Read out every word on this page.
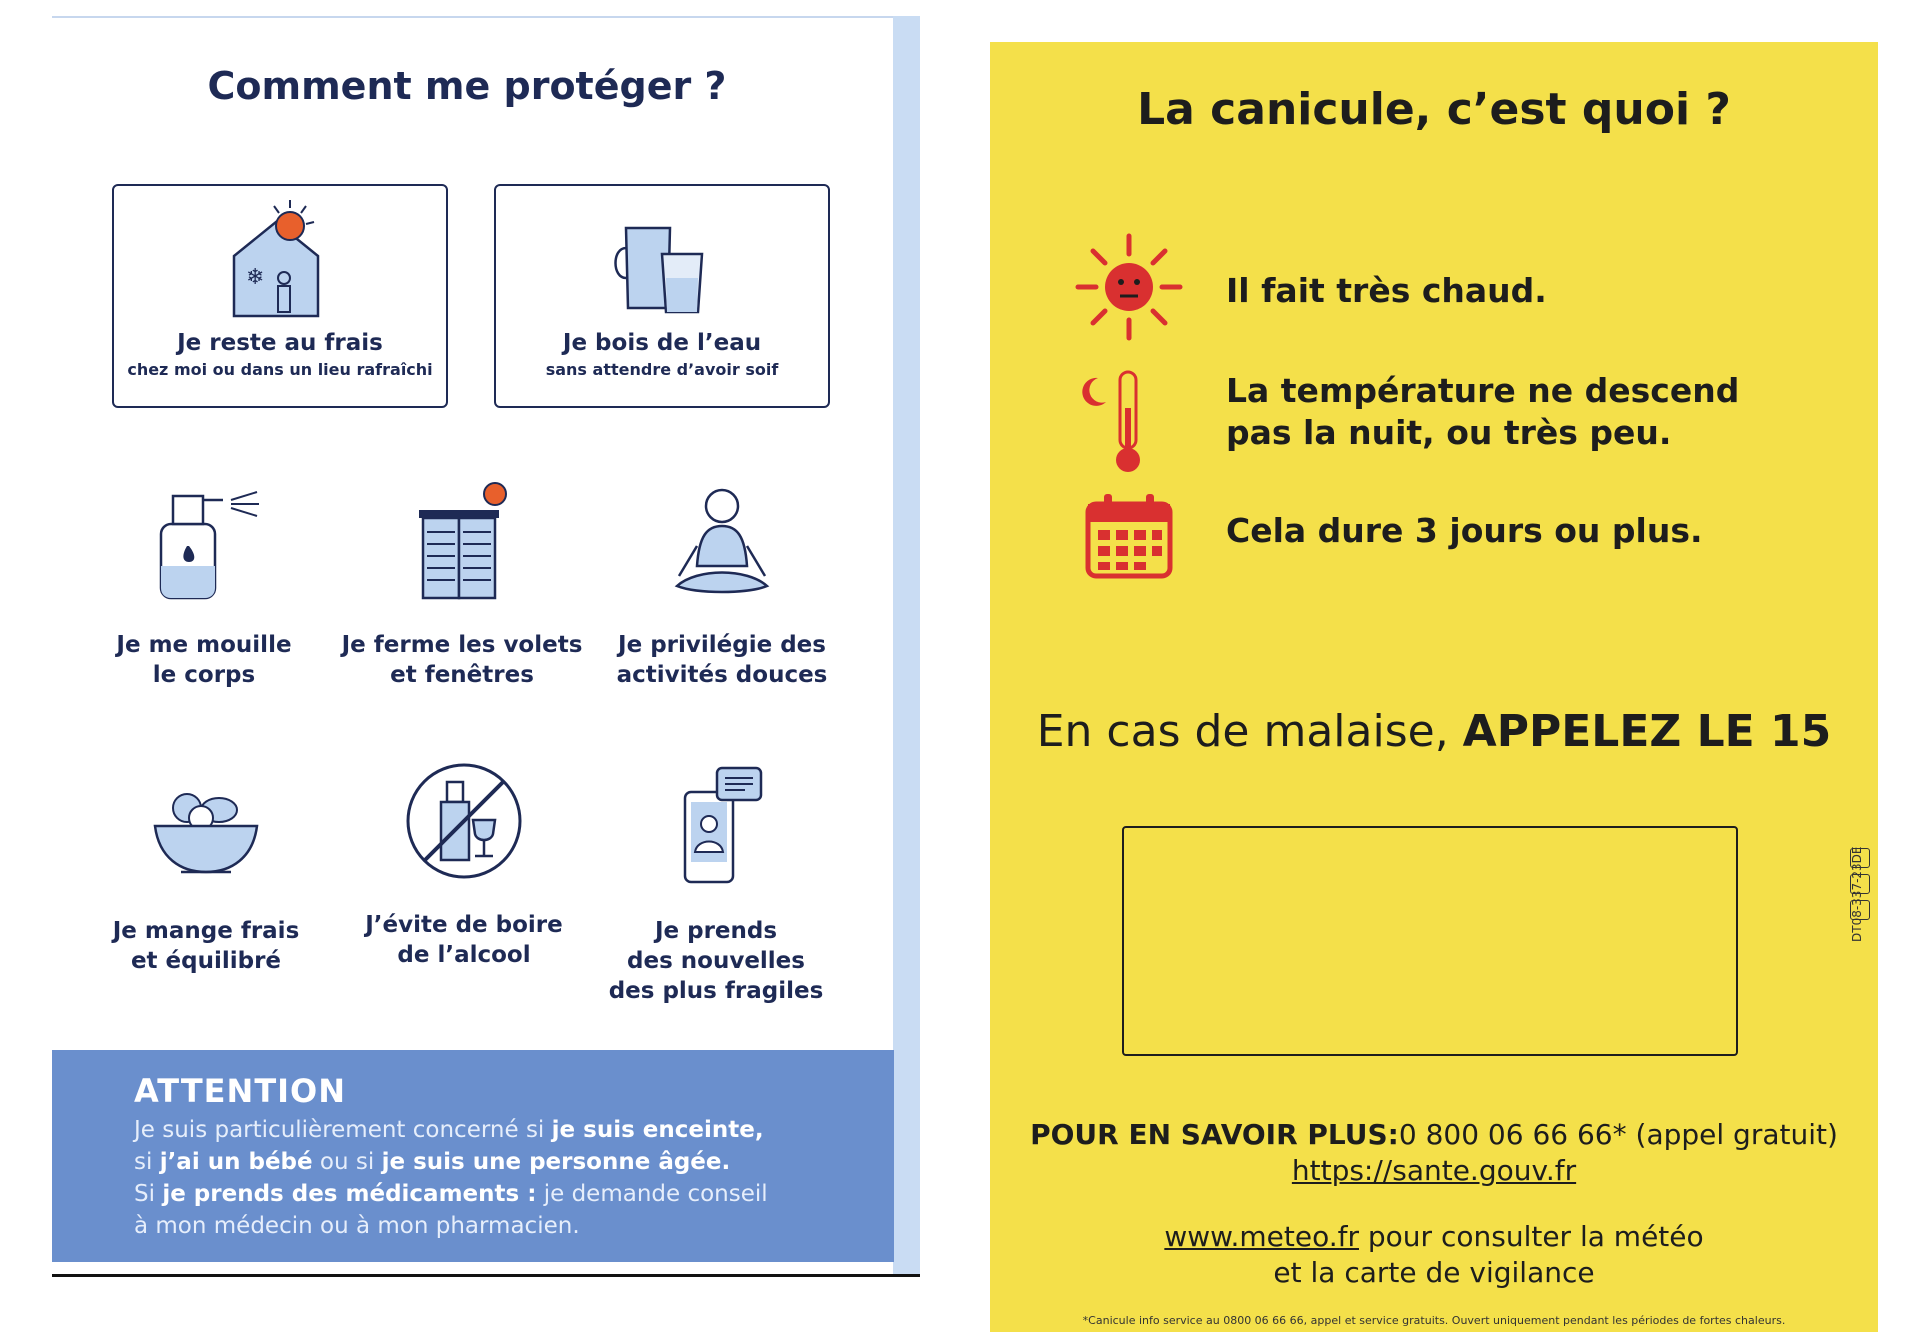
Comment me protéger ?
❄
Je reste au frais
chez moi ou dans un lieu rafraîchi
Je bois de l’eau
sans attendre d’avoir soif
Je me mouille
le corps
Je ferme les volets
et fenêtres
Je privilégie des
activités douces
Je mange frais
et équilibré
J’évite de boire
de l’alcool
Je prends
des nouvelles
des plus fragiles
ATTENTION
Je suis particulièrement concerné si je suis enceinte,
si j’ai un bébé ou si je suis une personne âgée.
Si je prends des médicaments : je demande conseil
à mon médecin ou à mon pharmacien.
La canicule, c’est quoi ?
Il fait très chaud.
La température ne descend
pas la nuit, ou très peu.
Cela dure 3 jours ou plus.
En cas de malaise, APPELEZ LE 15
POUR EN SAVOIR PLUS:0 800 06 66 66* (appel gratuit)
https://sante.gouv.fr
www.meteo.fr pour consulter la météo
et la carte de vigilance
*Canicule info service au 0800 06 66 66, appel et service gratuits. Ouvert uniquement pendant les périodes de fortes chaleurs.
DT08-337-23DE
